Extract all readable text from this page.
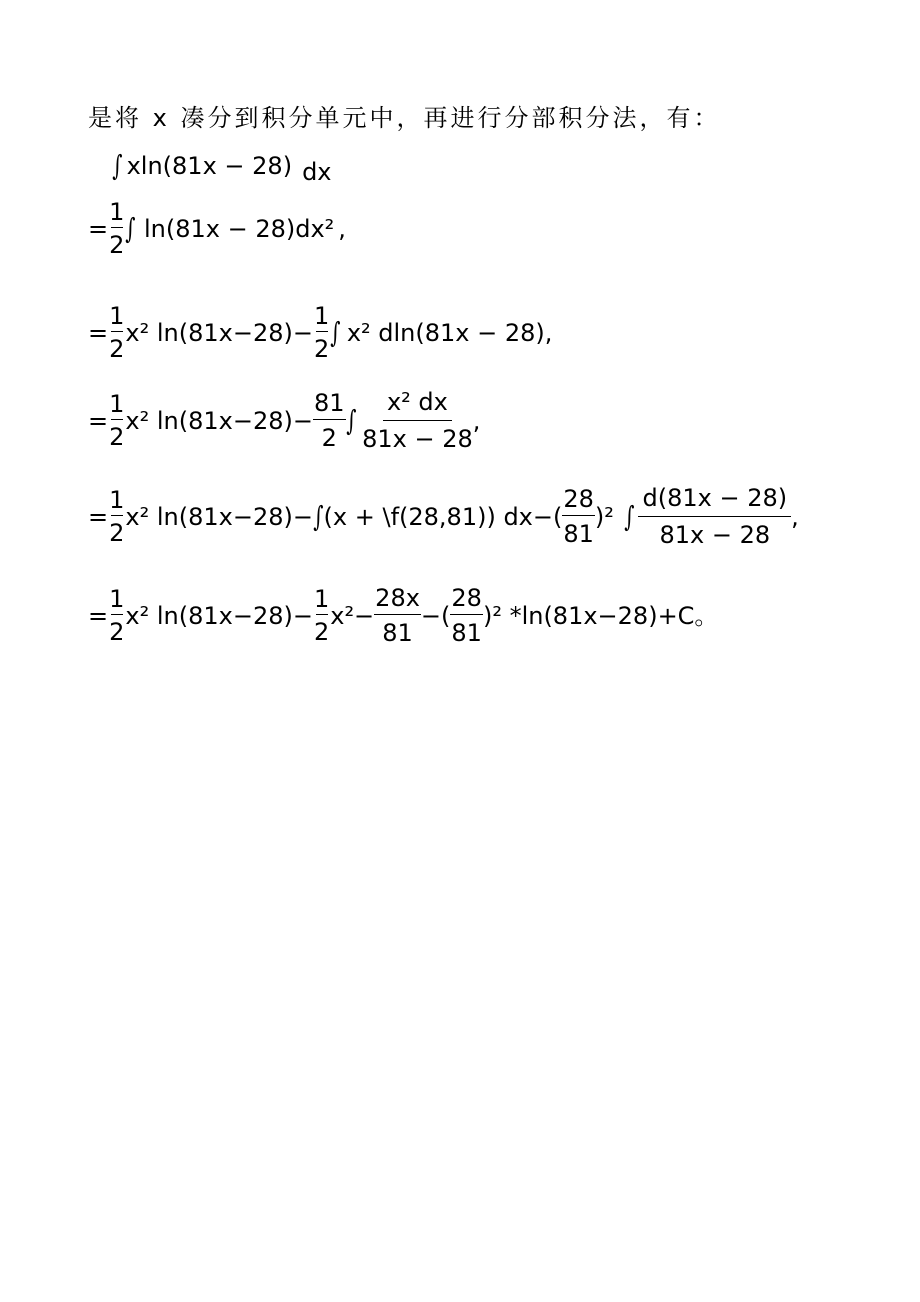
是将 x 凑分到积分单元中，再进行分部积分法，有：
∫ xln(81x − 28) dx
= $\frac{1}{2}$ ∫ ln(81x − 28)dx² ,
= $\frac{1}{2} x^2$ $\ln(81x-28)- \frac{1}{2}$ ∫ x² dln(81x − 28),
= $\frac{1}{2} x^2$ $\ln(81x-28)- \frac{81}{2}$ ∫ $\frac{\text{x² dx}}{81x - 28}$ ,
= $\frac{1}{2} x^2$ ln(81x−28)− ∫ (x + \f(28,81)) $dx-( \frac{28}{81} )^2$ ∫ $\frac{d(81x - 28)}{81x - 28}$ ,
= $\frac{1}{2} x^2$ $\ln(81x-28)- \frac{1}{2} x^2- \frac{28x}{81}$ −( $\frac{28}{81} )^2$ *ln(81x−28)+C。
